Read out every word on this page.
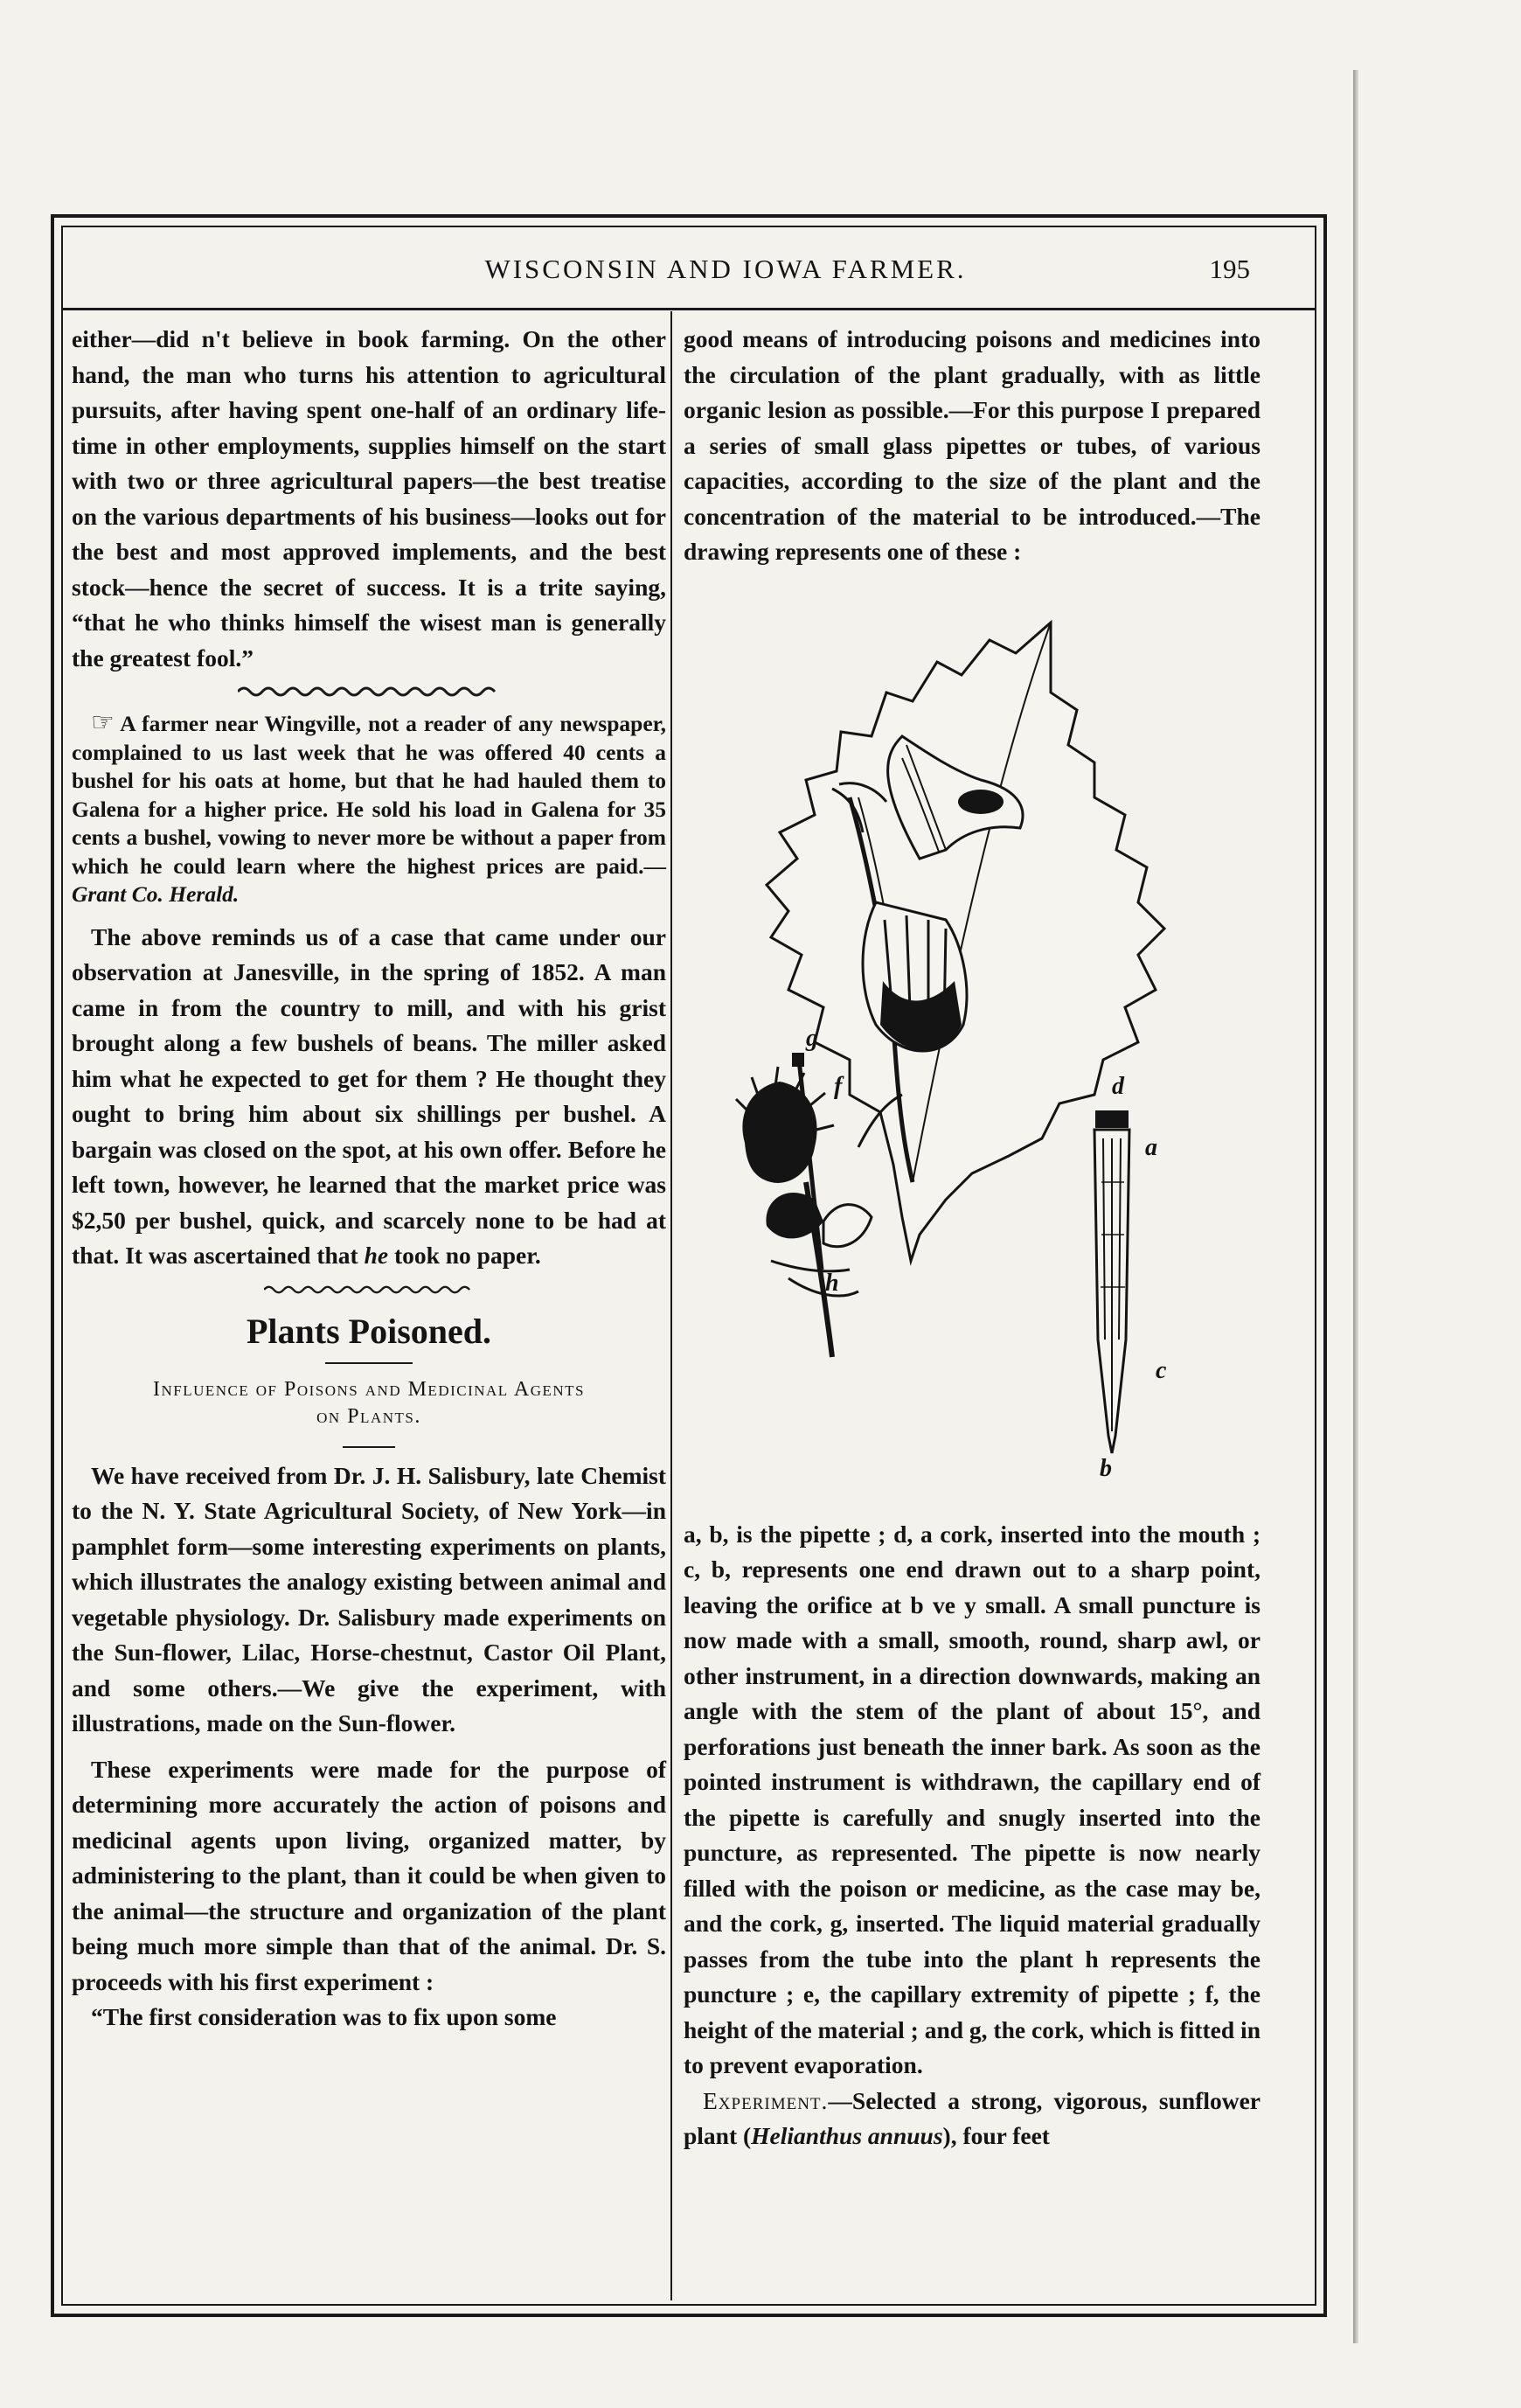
WISCONSIN AND IOWA FARMER.	195

either—did n't believe in book farming. On the other hand, the man who turns his attention to agricultural pursuits, after having spent one-half of an ordinary life-time in other employments, supplies himself on the start with two or three agricultural papers—the best treatise on the various departments of his business—looks out for the best and most approved implements, and the best stock—hence the secret of success. It is a trite saying, “that he who thinks himself the wisest man is generally the greatest fool.”

☞ A farmer near Wingville, not a reader of any newspaper, complained to us last week that he was offered 40 cents a bushel for his oats at home, but that he had hauled them to Galena for a higher price. He sold his load in Galena for 35 cents a bushel, vowing to never more be without a paper from which he could learn where the highest prices are paid.—Grant Co. Herald.

The above reminds us of a case that came under our observation at Janesville, in the spring of 1852. A man came in from the country to mill, and with his grist brought along a few bushels of beans. The miller asked him what he expected to get for them ? He thought they ought to bring him about six shillings per bushel. A bargain was closed on the spot, at his own offer. Before he left town, however, he learned that the market price was $2,50 per bushel, quick, and scarcely none to be had at that. It was ascertained that he took no paper.

Plants Poisoned.
Influence of Poisons and Medicinal Agents
on Plants.

We have received from Dr. J. H. Salisbury, late Chemist to the N. Y. State Agricultural Society, of New York—in pamphlet form—some interesting experiments on plants, which illustrates the analogy existing between animal and vegetable physiology. Dr. Salisbury made experiments on the Sun-flower, Lilac, Horse-chestnut, Castor Oil Plant, and some others.—We give the experiment, with illustrations, made on the Sun-flower.

These experiments were made for the purpose of determining more accurately the action of poisons and medicinal agents upon living, organized matter, by administering to the plant, than it could be when given to the animal—the structure and organization of the plant being much more simple than that of the animal. Dr. S. proceeds with his first experiment :

“The first consideration was to fix upon some

good means of introducing poisons and medicines into the circulation of the plant gradually, with as little organic lesion as possible.—For this purpose I prepared a series of small glass pipettes or tubes, of various capacities, according to the size of the plant and the concentration of the material to be introduced.—The drawing represents one of these :

g
f
h
d
a
c
b

a, b, is the pipette ; d, a cork, inserted into the mouth ; c, b, represents one end drawn out to a sharp point, leaving the orifice at b ve y small. A small puncture is now made with a small, smooth, round, sharp awl, or other instrument, in a direction downwards, making an angle with the stem of the plant of about 15°, and perforations just beneath the inner bark. As soon as the pointed instrument is withdrawn, the capillary end of the pipette is carefully and snugly inserted into the puncture, as represented. The pipette is now nearly filled with the poison or medicine, as the case may be, and the cork, g, inserted. The liquid material gradually passes from the tube into the plant h represents the puncture ; e, the capillary extremity of pipette ; f, the height of the material ; and g, the cork, which is fitted in to prevent evaporation.

Experiment.—Selected a strong, vigorous, sunflower plant (Helianthus annuus), four feet
